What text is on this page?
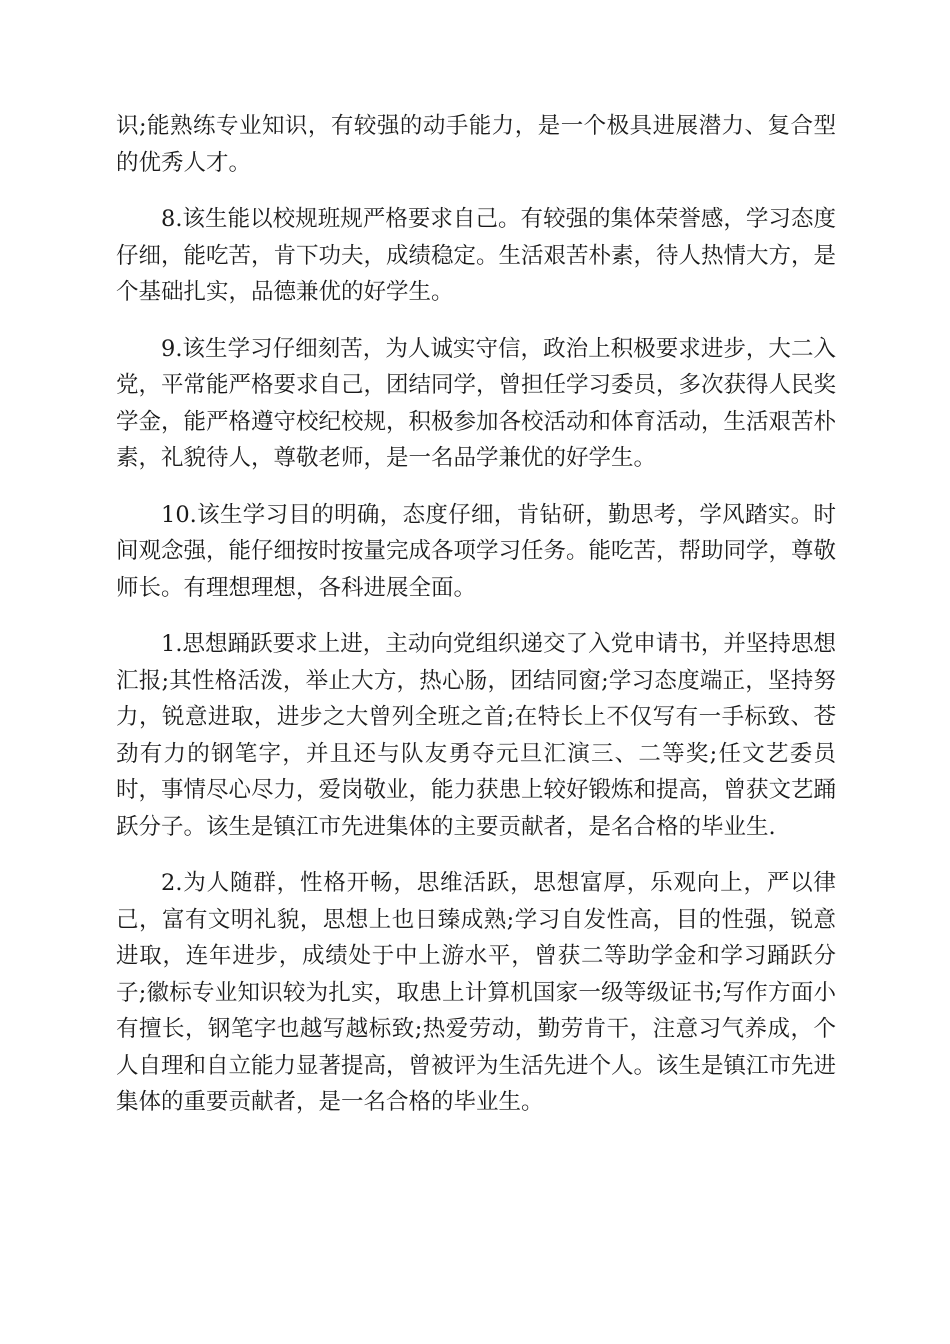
识;能熟练专业知识，有较强的动手能力，是一个极具进展潜力、复合型的优秀人才。

8.该生能以校规班规严格要求自己。有较强的集体荣誉感，学习态度仔细，能吃苦，肯下功夫，成绩稳定。生活艰苦朴素，待人热情大方，是个基础扎实，品德兼优的好学生。

9.该生学习仔细刻苦，为人诚实守信，政治上积极要求进步，大二入党，平常能严格要求自己，团结同学，曾担任学习委员，多次获得人民奖学金，能严格遵守校纪校规，积极参加各校活动和体育活动，生活艰苦朴素，礼貌待人，尊敬老师，是一名品学兼优的好学生。

10.该生学习目的明确，态度仔细，肯钻研，勤思考，学风踏实。时间观念强，能仔细按时按量完成各项学习任务。能吃苦，帮助同学，尊敬师长。有理想理想，各科进展全面。

1.思想踊跃要求上进，主动向党组织递交了入党申请书，并坚持思想汇报;其性格活泼，举止大方，热心肠，团结同窗;学习态度端正，坚持努力，锐意进取，进步之大曾列全班之首;在特长上不仅写有一手标致、苍劲有力的钢笔字，并且还与队友勇夺元旦汇演三、二等奖;任文艺委员时，事情尽心尽力，爱岗敬业，能力获患上较好锻炼和提高，曾获文艺踊跃分子。该生是镇江市先进集体的主要贡献者，是名合格的毕业生.

2.为人随群，性格开畅，思维活跃，思想富厚，乐观向上，严以律己，富有文明礼貌，思想上也日臻成熟;学习自发性高，目的性强，锐意进取，连年进步，成绩处于中上游水平，曾获二等助学金和学习踊跃分子;徽标专业知识较为扎实，取患上计算机国家一级等级证书;写作方面小有擅长，钢笔字也越写越标致;热爱劳动，勤劳肯干，注意习气养成，个人自理和自立能力显著提高，曾被评为生活先进个人。该生是镇江市先进集体的重要贡献者，是一名合格的毕业生。
